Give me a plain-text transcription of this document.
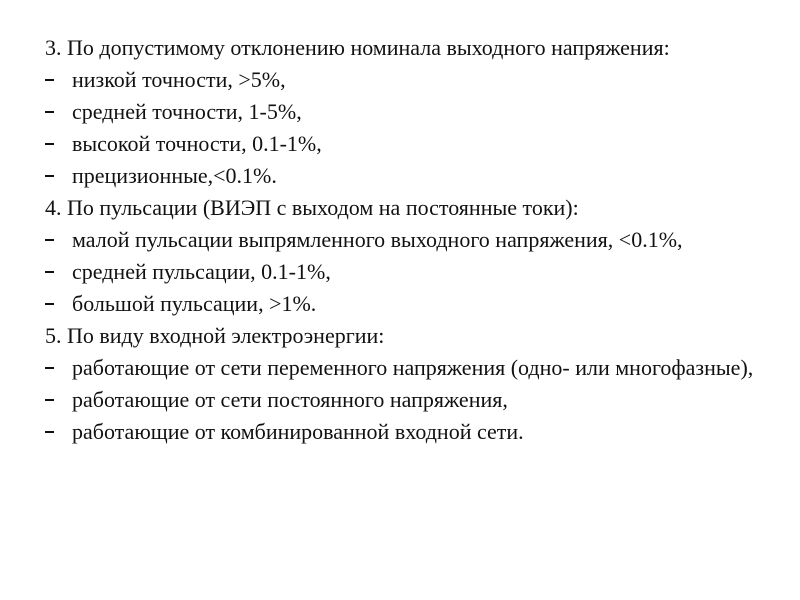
3. По допустимому отклонению номинала выходного напряжения:
низкой точности, >5%,
средней точности, 1-5%,
высокой точности, 0.1-1%,
прецизионные,<0.1%.
4. По пульсации (ВИЭП с выходом на постоянные токи):
малой пульсации выпрямленного выходного напряжения, <0.1%,
средней пульсации, 0.1-1%,
большой пульсации, >1%.
5. По виду входной электроэнергии:
работающие от сети переменного напряжения (одно- или многофазные),
работающие от сети постоянного напряжения,
работающие от комбинированной входной сети.
